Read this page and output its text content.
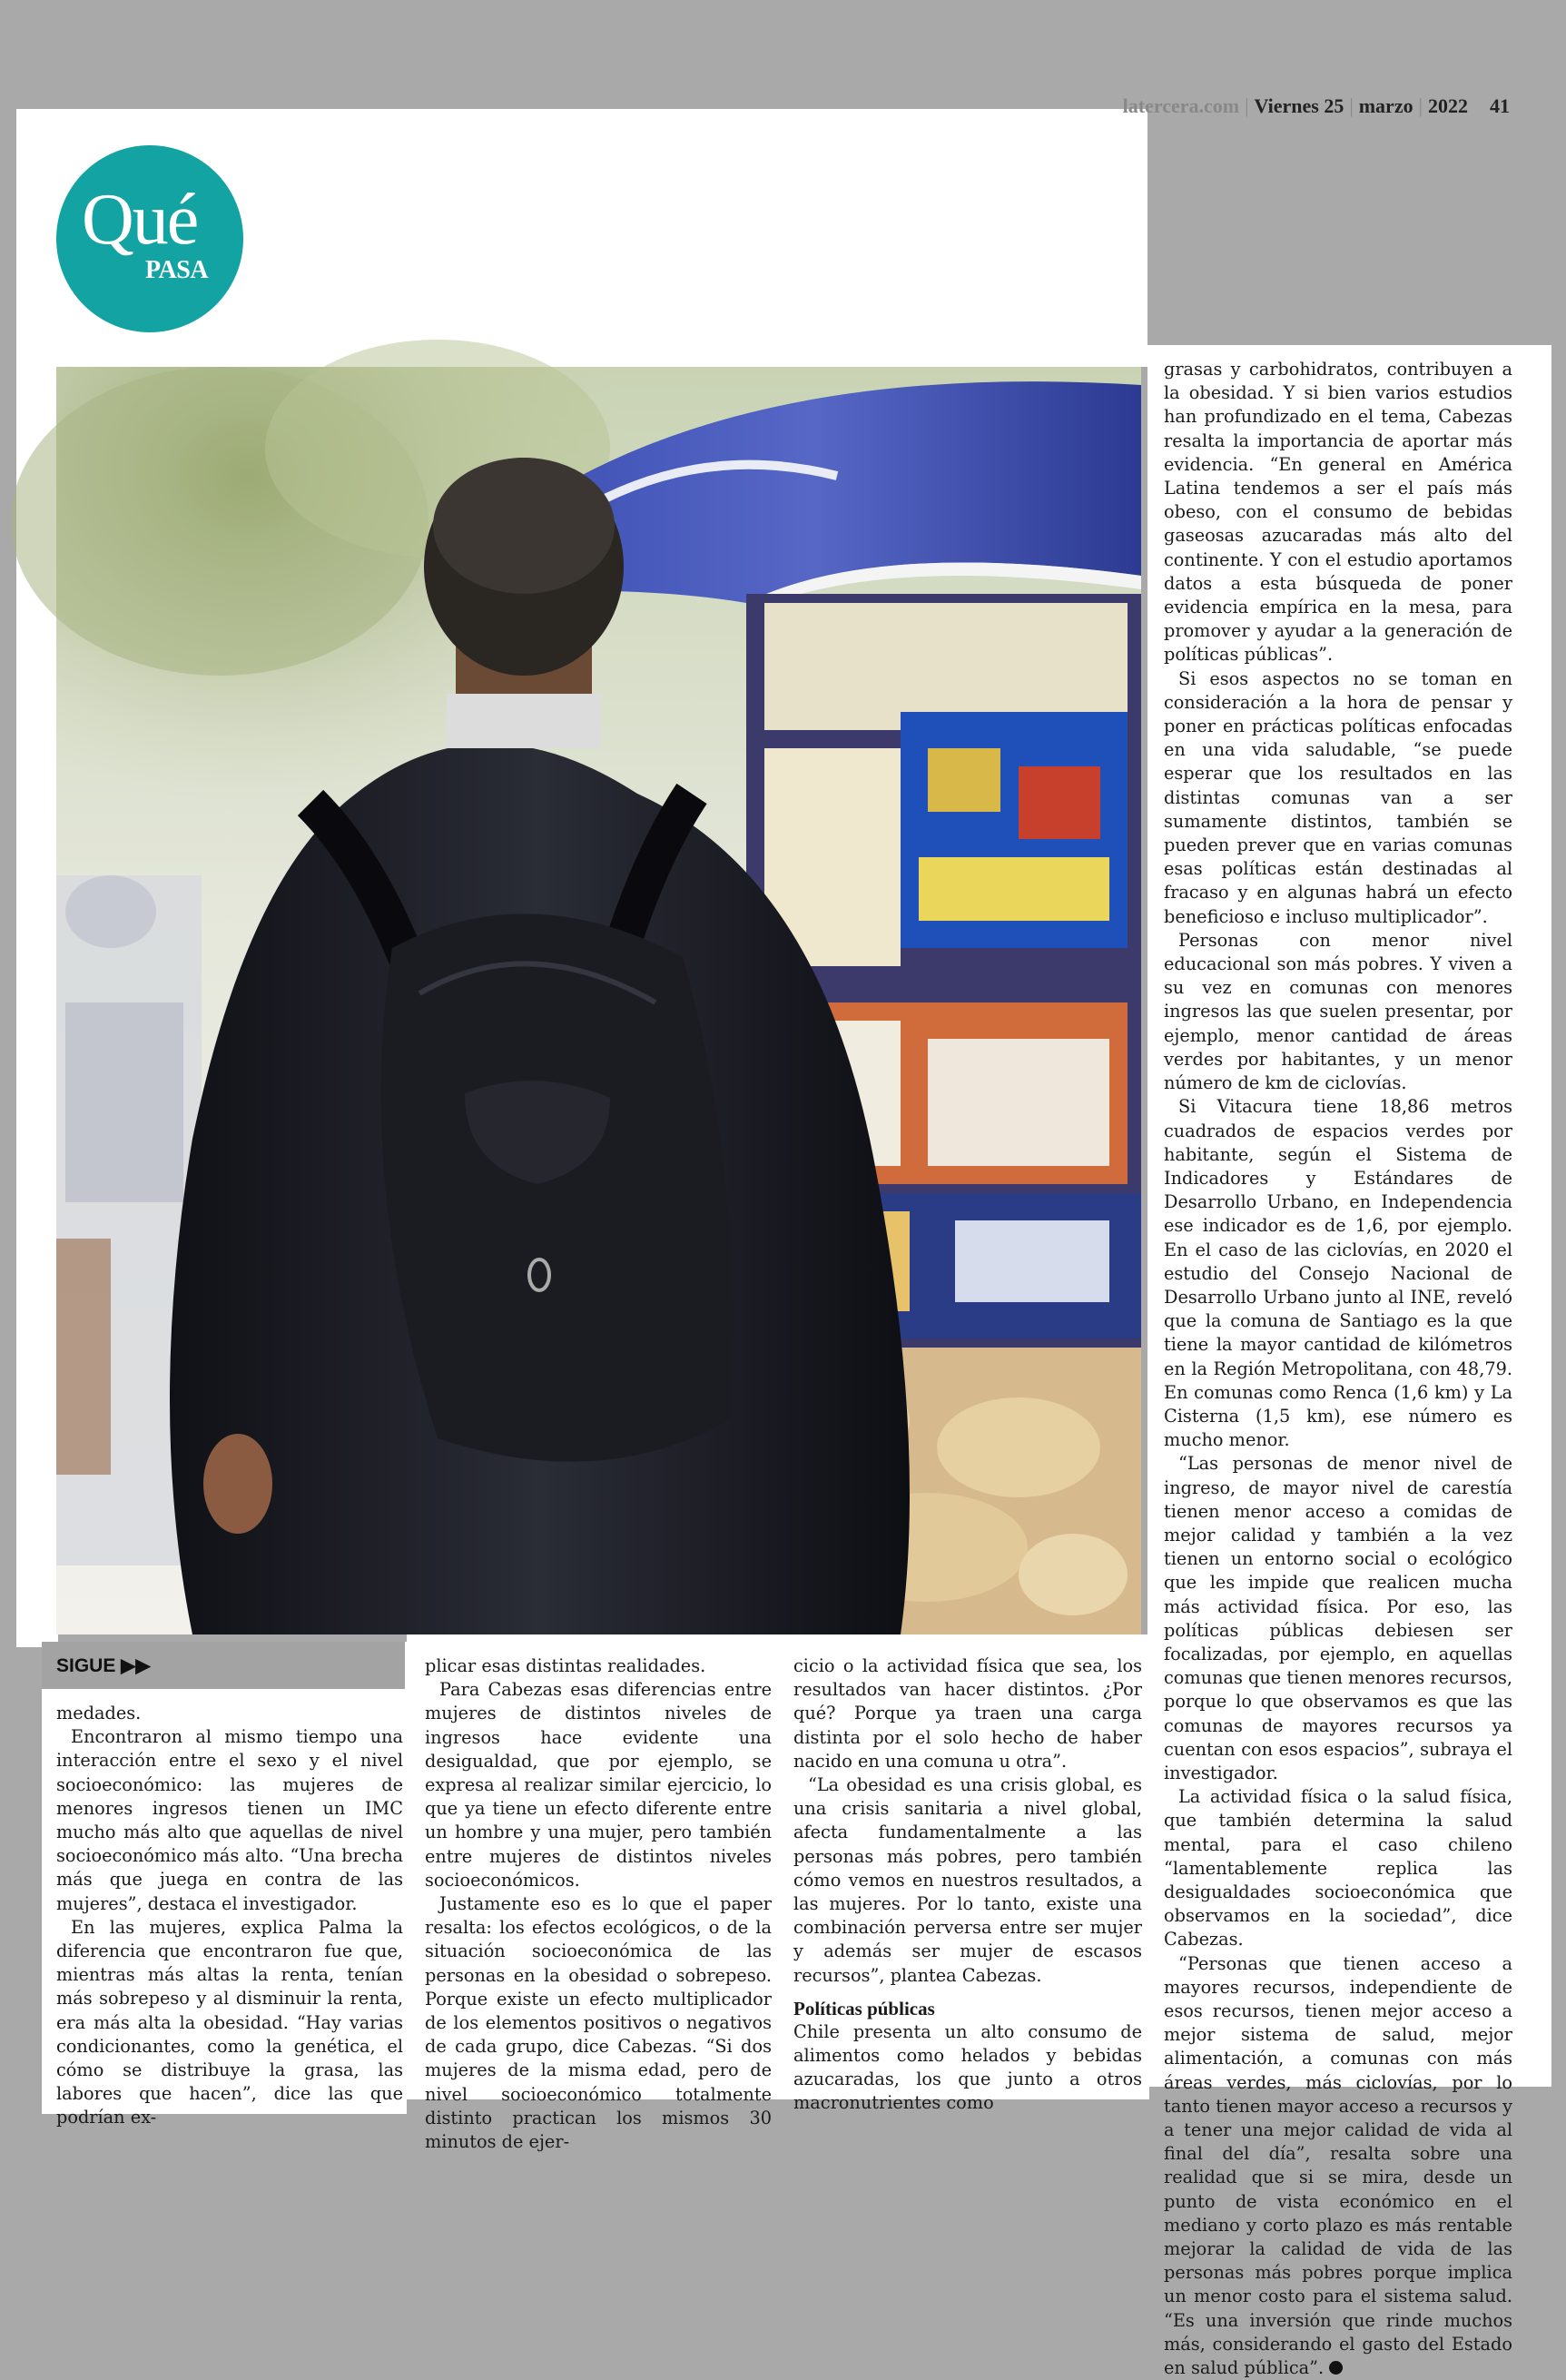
latercera.com | Viernes 25 | marzo | 2022 41
Qué
PASA
SIGUE ▶▶

medades.

Encontraron al mismo tiempo una interacción entre el sexo y el nivel socioeconómico: las mujeres de menores ingresos tienen un IMC mucho más alto que aquellas de nivel socioeconómico más alto. “Una brecha más que juega en contra de las mujeres”, destaca el investigador.

En las mujeres, explica Palma la diferencia que encontraron fue que, mientras más altas la renta, tenían más sobrepeso y al disminuir la renta, era más alta la obesidad. “Hay varias condicionantes, como la genética, el cómo se distribuye la grasa, las labores que hacen”, dice las que podrían ex-

plicar esas distintas realidades.

Para Cabezas esas diferencias entre mujeres de distintos niveles de ingresos hace evidente una desigualdad, que por ejemplo, se expresa al realizar similar ejercicio, lo que ya tiene un efecto diferente entre un hombre y una mujer, pero también entre mujeres de distintos niveles socioeconómicos.

Justamente eso es lo que el paper resalta: los efectos ecológicos, o de la situación socioeconómica de las personas en la obesidad o sobrepeso. Porque existe un efecto multiplicador de los elementos positivos o negativos de cada grupo, dice Cabezas. “Si dos mujeres de la misma edad, pero de nivel socioeconómico totalmente distinto practican los mismos 30 minutos de ejer-

cicio o la actividad física que sea, los resultados van hacer distintos. ¿Por qué? Porque ya traen una carga distinta por el solo hecho de haber nacido en una comuna u otra”.

“La obesidad es una crisis global, es una crisis sanitaria a nivel global, afecta fundamentalmente a las personas más pobres, pero también cómo vemos en nuestros resultados, a las mujeres. Por lo tanto, existe una combinación perversa entre ser mujer y además ser mujer de escasos recursos”, plantea Cabezas.

Políticas públicas

Chile presenta un alto consumo de alimentos como helados y bebidas azucaradas, los que junto a otros macronutrientes como

grasas y carbohidratos, contribuyen a la obesidad. Y si bien varios estudios han profundizado en el tema, Cabezas resalta la importancia de aportar más evidencia. “En general en América Latina tendemos a ser el país más obeso, con el consumo de bebidas gaseosas azucaradas más alto del continente. Y con el estudio aportamos datos a esta búsqueda de poner evidencia empírica en la mesa, para promover y ayudar a la generación de políticas públicas”.

Si esos aspectos no se toman en consideración a la hora de pensar y poner en prácticas políticas enfocadas en una vida saludable, “se puede esperar que los resultados en las distintas comunas van a ser sumamente distintos, también se pueden prever que en varias comunas esas políticas están destinadas al fracaso y en algunas habrá un efecto beneficioso e incluso multiplicador”.

Personas con menor nivel educacional son más pobres. Y viven a su vez en comunas con menores ingresos las que suelen presentar, por ejemplo, menor cantidad de áreas verdes por habitantes, y un menor número de km de ciclovías.

Si Vitacura tiene 18,86 metros cuadrados de espacios verdes por habitante, según el Sistema de Indicadores y Estándares de Desarrollo Urbano, en Independencia ese indicador es de 1,6, por ejemplo. En el caso de las ciclovías, en 2020 el estudio del Consejo Nacional de Desarrollo Urbano junto al INE, reveló que la comuna de Santiago es la que tiene la mayor cantidad de kilómetros en la Región Metropolitana, con 48,79. En comunas como Renca (1,6 km) y La Cisterna (1,5 km), ese número es mucho menor.

“Las personas de menor nivel de ingreso, de mayor nivel de carestía tienen menor acceso a comidas de mejor calidad y también a la vez tienen un entorno social o ecológico que les impide que realicen mucha más actividad física. Por eso, las políticas públicas debiesen ser focalizadas, por ejemplo, en aquellas comunas que tienen menores recursos, porque lo que observamos es que las comunas de mayores recursos ya cuentan con esos espacios”, subraya el investigador.

La actividad física o la salud física, que también determina la salud mental, para el caso chileno “lamentablemente replica las desigualdades socioeconómica que observamos en la sociedad”, dice Cabezas.

“Personas que tienen acceso a mayores recursos, independiente de esos recursos, tienen mejor acceso a mejor sistema de salud, mejor alimentación, a comunas con más áreas verdes, más ciclovías, por lo tanto tienen mayor acceso a recursos y a tener una mejor calidad de vida al final del día”, resalta sobre una realidad que si se mira, desde un punto de vista económico en el mediano y corto plazo es más rentable mejorar la calidad de vida de las personas más pobres porque implica un menor costo para el sistema salud. “Es una inversión que rinde muchos más, considerando el gasto del Estado en salud pública”.
